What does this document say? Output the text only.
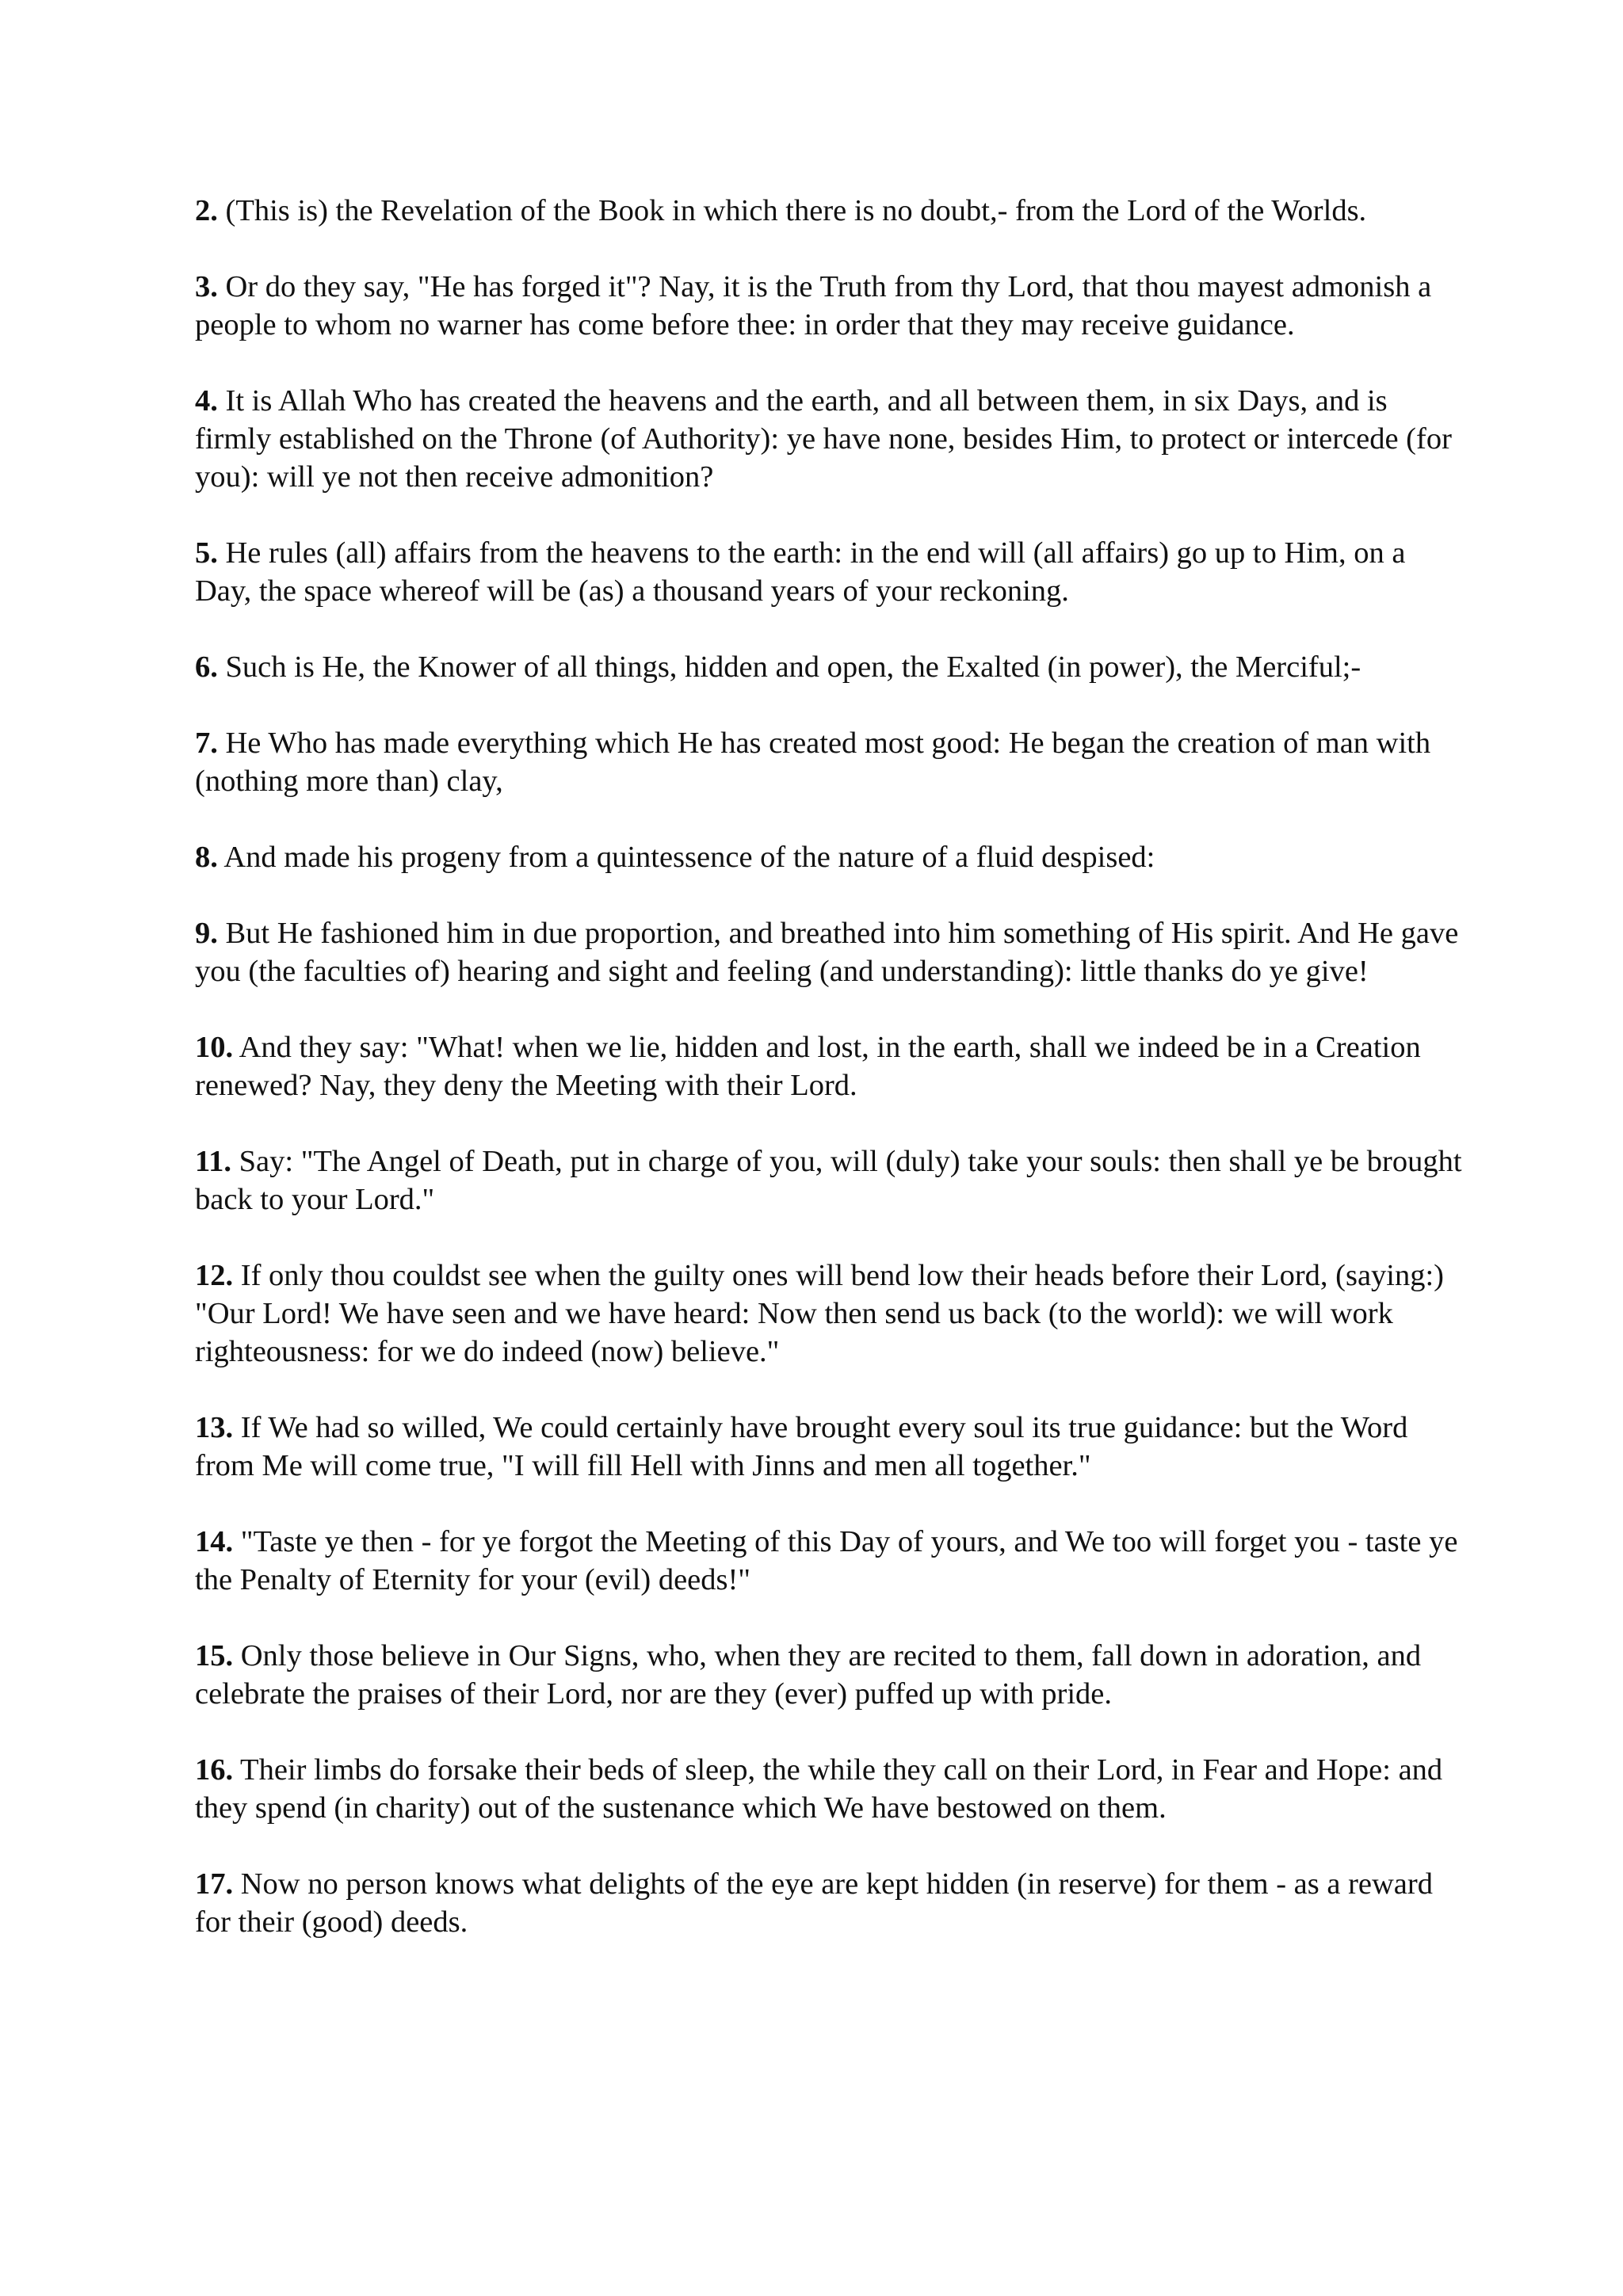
2. (This is) the Revelation of the Book in which there is no doubt,- from the Lord of the Worlds.

3. Or do they say, "He has forged it"? Nay, it is the Truth from thy Lord, that thou mayest admonish a people to whom no warner has come before thee: in order that they may receive guidance.

4. It is Allah Who has created the heavens and the earth, and all between them, in six Days, and is firmly established on the Throne (of Authority): ye have none, besides Him, to protect or intercede (for you): will ye not then receive admonition?

5. He rules (all) affairs from the heavens to the earth: in the end will (all affairs) go up to Him, on a Day, the space whereof will be (as) a thousand years of your reckoning.

6. Such is He, the Knower of all things, hidden and open, the Exalted (in power), the Merciful;-

7. He Who has made everything which He has created most good: He began the creation of man with (nothing more than) clay,

8. And made his progeny from a quintessence of the nature of a fluid despised:

9. But He fashioned him in due proportion, and breathed into him something of His spirit. And He gave you (the faculties of) hearing and sight and feeling (and understanding): little thanks do ye give!

10. And they say: "What! when we lie, hidden and lost, in the earth, shall we indeed be in a Creation renewed? Nay, they deny the Meeting with their Lord.

11. Say: "The Angel of Death, put in charge of you, will (duly) take your souls: then shall ye be brought back to your Lord."

12. If only thou couldst see when the guilty ones will bend low their heads before their Lord, (saying:) "Our Lord! We have seen and we have heard: Now then send us back (to the world): we will work righteousness: for we do indeed (now) believe."

13. If We had so willed, We could certainly have brought every soul its true guidance: but the Word from Me will come true, "I will fill Hell with Jinns and men all together."

14. "Taste ye then - for ye forgot the Meeting of this Day of yours, and We too will forget you - taste ye the Penalty of Eternity for your (evil) deeds!"

15. Only those believe in Our Signs, who, when they are recited to them, fall down in adoration, and celebrate the praises of their Lord, nor are they (ever) puffed up with pride.

16. Their limbs do forsake their beds of sleep, the while they call on their Lord, in Fear and Hope: and they spend (in charity) out of the sustenance which We have bestowed on them.

17. Now no person knows what delights of the eye are kept hidden (in reserve) for them - as a reward for their (good) deeds.
